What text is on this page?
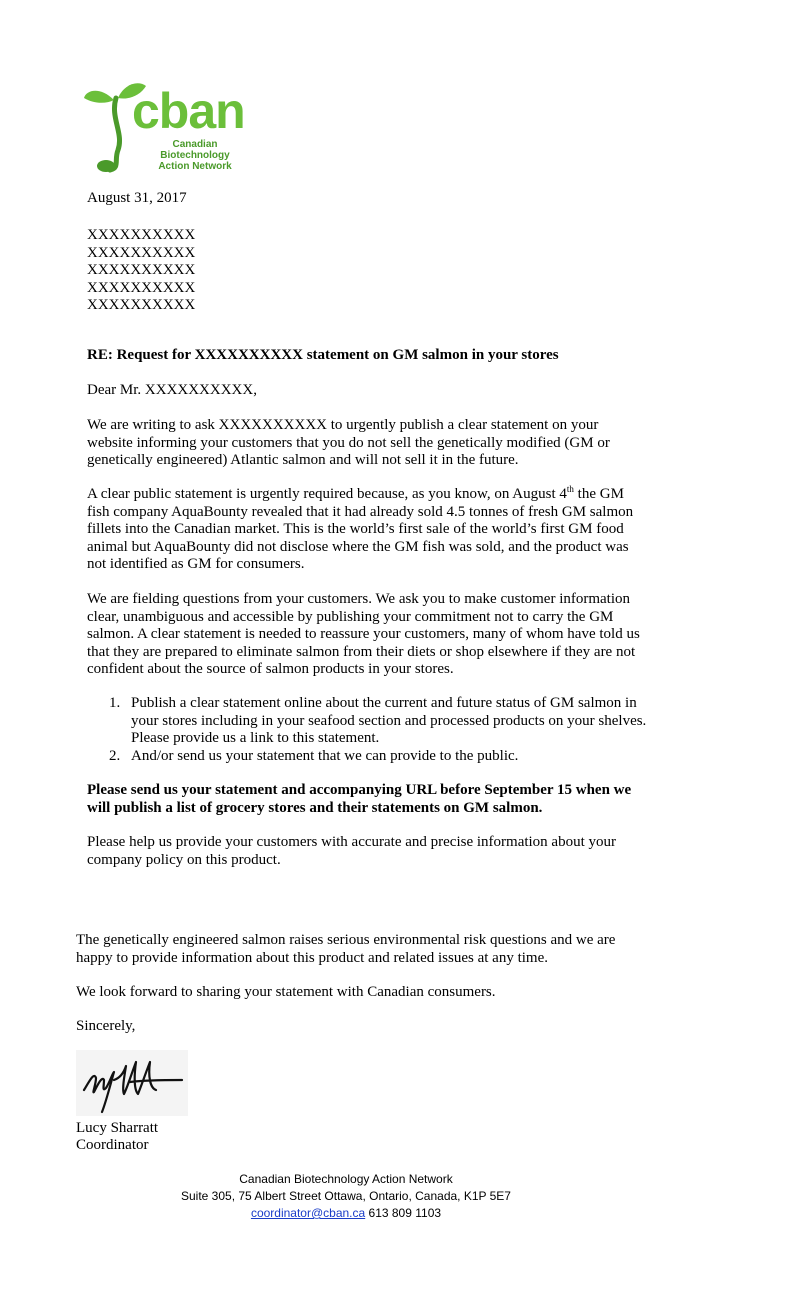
cban
Canadian Biotechnology
Action Network
August 31, 2017
XXXXXXXXXX
XXXXXXXXXX
XXXXXXXXXX
XXXXXXXXXX
XXXXXXXXXX
RE: Request for XXXXXXXXXX statement on GM salmon in your stores
Dear Mr. XXXXXXXXXX,
We are writing to ask XXXXXXXXXX to urgently publish a clear statement on your website informing your customers that you do not sell the genetically modified (GM or genetically engineered) Atlantic salmon and will not sell it in the future.
A clear public statement is urgently required because, as you know, on August 4th the GM fish company AquaBounty revealed that it had already sold 4.5 tonnes of fresh GM salmon fillets into the Canadian market. This is the world’s first sale of the world’s first GM food animal but AquaBounty did not disclose where the GM fish was sold, and the product was not identified as GM for consumers.
We are fielding questions from your customers. We ask you to make customer information clear, unambiguous and accessible by publishing your commitment not to carry the GM salmon. A clear statement is needed to reassure your customers, many of whom have told us that they are prepared to eliminate salmon from their diets or shop elsewhere if they are not confident about the source of salmon products in your stores.
1. Publish a clear statement online about the current and future status of GM salmon in your stores including in your seafood section and processed products on your shelves. Please provide us a link to this statement.
2. And/or send us your statement that we can provide to the public.
Please send us your statement and accompanying URL before September 15 when we will publish a list of grocery stores and their statements on GM salmon.
Please help us provide your customers with accurate and precise information about your company policy on this product.
The genetically engineered salmon raises serious environmental risk questions and we are happy to provide information about this product and related issues at any time.
We look forward to sharing your statement with Canadian consumers.
Sincerely,
Lucy Sharratt
Coordinator
Canadian Biotechnology Action Network
Suite 305, 75 Albert Street Ottawa, Ontario, Canada, K1P 5E7
coordinator@cban.ca 613 809 1103
